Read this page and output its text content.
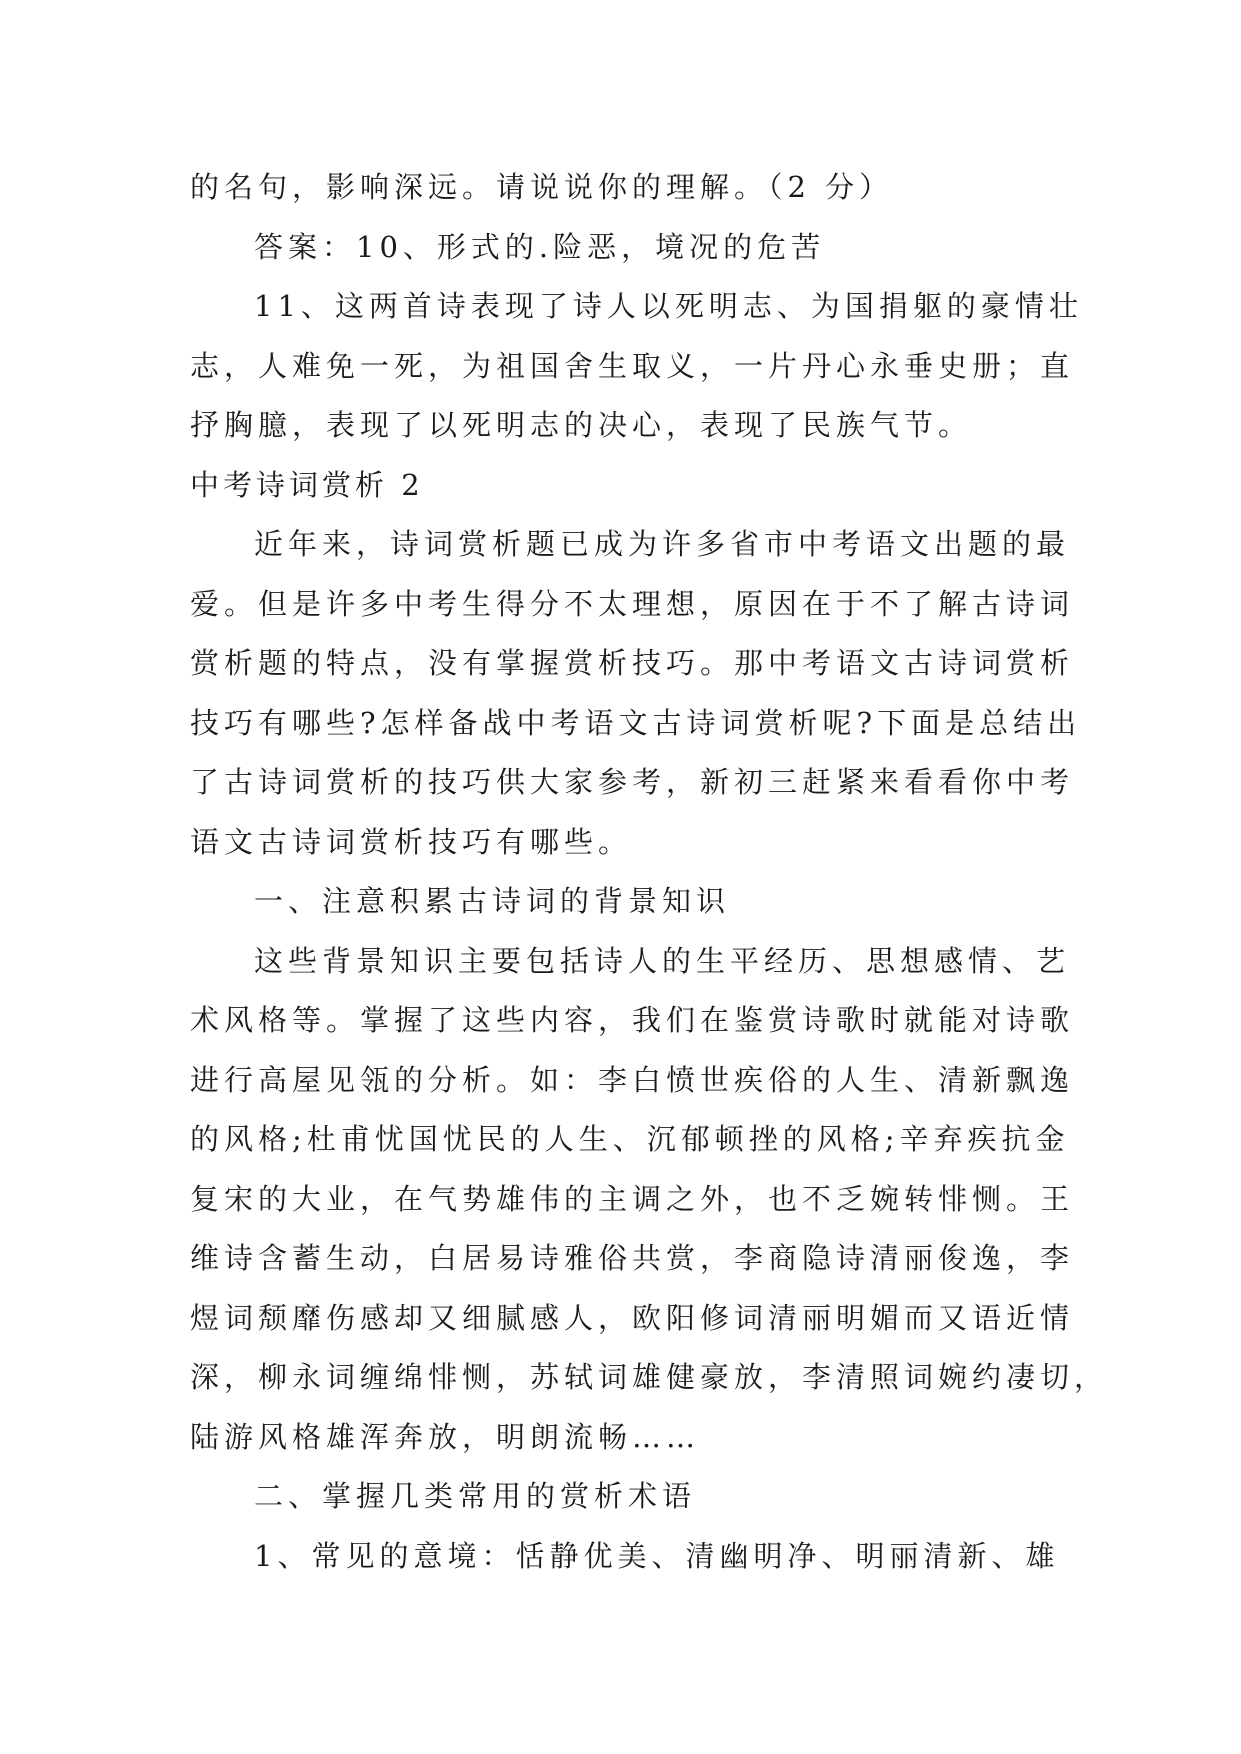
的名句，影响深远。请说说你的理解。（2 分）

答案：10、形式的.险恶，境况的危苦

11、这两首诗表现了诗人以死明志、为国捐躯的豪情壮

志，人难免一死，为祖国舍生取义，一片丹心永垂史册；直

抒胸臆，表现了以死明志的决心，表现了民族气节。

中考诗词赏析 2

近年来，诗词赏析题已成为许多省市中考语文出题的最

爱。但是许多中考生得分不太理想，原因在于不了解古诗词

赏析题的特点，没有掌握赏析技巧。那中考语文古诗词赏析

技巧有哪些?怎样备战中考语文古诗词赏析呢?下面是总结出

了古诗词赏析的技巧供大家参考，新初三赶紧来看看你中考

语文古诗词赏析技巧有哪些。

一、注意积累古诗词的背景知识

这些背景知识主要包括诗人的生平经历、思想感情、艺

术风格等。掌握了这些内容，我们在鉴赏诗歌时就能对诗歌

进行高屋见瓴的分析。如：李白愤世疾俗的人生、清新飘逸

的风格;杜甫忧国忧民的人生、沉郁顿挫的风格;辛弃疾抗金

复宋的大业，在气势雄伟的主调之外，也不乏婉转悱恻。王

维诗含蓄生动，白居易诗雅俗共赏，李商隐诗清丽俊逸，李

煜词颓靡伤感却又细腻感人，欧阳修词清丽明媚而又语近情

深，柳永词缠绵悱恻，苏轼词雄健豪放，李清照词婉约凄切，

陆游风格雄浑奔放，明朗流畅……

二、掌握几类常用的赏析术语

1、常见的意境：恬静优美、清幽明净、明丽清新、雄
